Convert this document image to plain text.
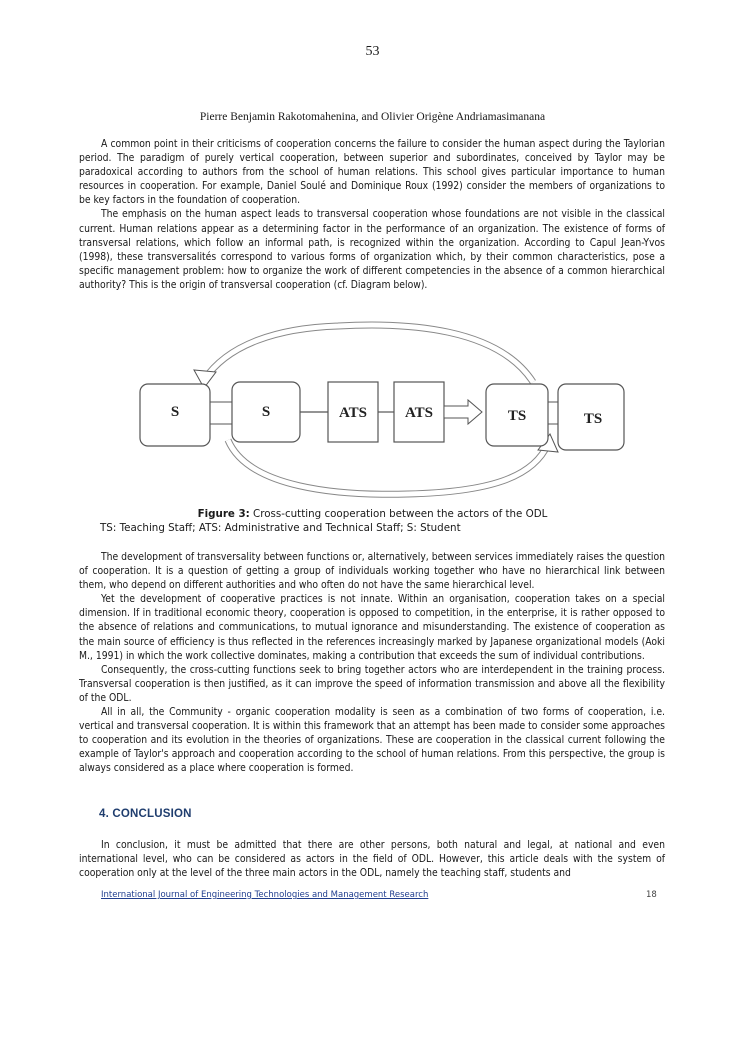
53
Pierre Benjamin Rakotomahenina, and Olivier Origène Andriamasimanana

A common point in their criticisms of cooperation concerns the failure to consider the human aspect during the Taylorian period. The paradigm of purely vertical cooperation, between superior and subordinates, conceived by Taylor may be paradoxical according to authors from the school of human relations. This school gives particular importance to human resources in cooperation. For example, Daniel Soulé and Dominique Roux (1992) consider the members of organizations to be key factors in the foundation of cooperation.

The emphasis on the human aspect leads to transversal cooperation whose foundations are not visible in the classical current. Human relations appear as a determining factor in the performance of an organization. The existence of forms of transversal relations, which follow an informal path, is recognized within the organization. According to Capul Jean-Yvos (1998), these transversalités correspond to various forms of organization which, by their common characteristics, pose a specific management problem: how to organize the work of different competencies in the absence of a common hierarchical authority? This is the origin of transversal cooperation (cf. Diagram below).

S	S	ATS	ATS	TS	TS
Figure 3: Cross-cutting cooperation between the actors of the ODL
TS: Teaching Staff; ATS: Administrative and Technical Staff; S: Student

The development of transversality between functions or, alternatively, between services immediately raises the question of cooperation. It is a question of getting a group of individuals working together who have no hierarchical link between them, who depend on different authorities and who often do not have the same hierarchical level.

Yet the development of cooperative practices is not innate. Within an organisation, cooperation takes on a special dimension. If in traditional economic theory, cooperation is opposed to competition, in the enterprise, it is rather opposed to the absence of relations and communications, to mutual ignorance and misunderstanding. The existence of cooperation as the main source of efficiency is thus reflected in the references increasingly marked by Japanese organizational models (Aoki M., 1991) in which the work collective dominates, making a contribution that exceeds the sum of individual contributions.

Consequently, the cross-cutting functions seek to bring together actors who are interdependent in the training process. Transversal cooperation is then justified, as it can improve the speed of information transmission and above all the flexibility of the ODL.

All in all, the Community - organic cooperation modality is seen as a combination of two forms of cooperation, i.e. vertical and transversal cooperation. It is within this framework that an attempt has been made to consider some approaches to cooperation and its evolution in the theories of organizations. These are cooperation in the classical current following the example of Taylor's approach and cooperation according to the school of human relations. From this perspective, the group is always considered as a place where cooperation is formed.

4. CONCLUSION

In conclusion, it must be admitted that there are other persons, both natural and legal, at national and even international level, who can be considered as actors in the field of ODL. However, this article deals with the system of cooperation only at the level of the three main actors in the ODL, namely the teaching staff, students and

International Journal of Engineering Technologies and Management Research	18
